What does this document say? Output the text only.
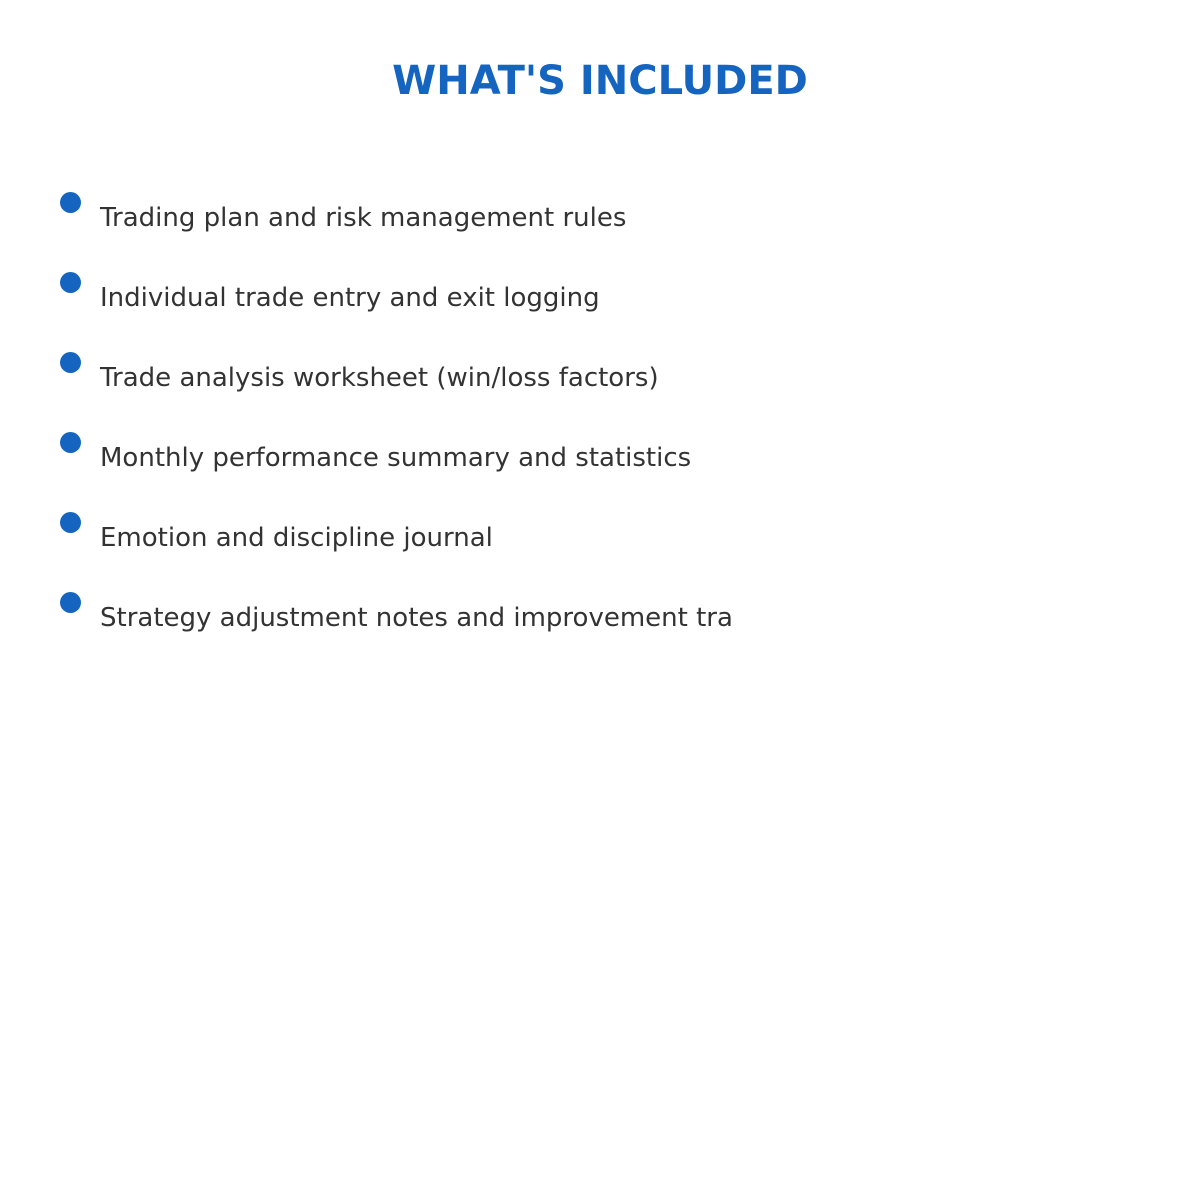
WHAT'S INCLUDED
Trading plan and risk management rules
Individual trade entry and exit logging
Trade analysis worksheet (win/loss factors)
Monthly performance summary and statistics
Emotion and discipline journal
Strategy adjustment notes and improvement tra
